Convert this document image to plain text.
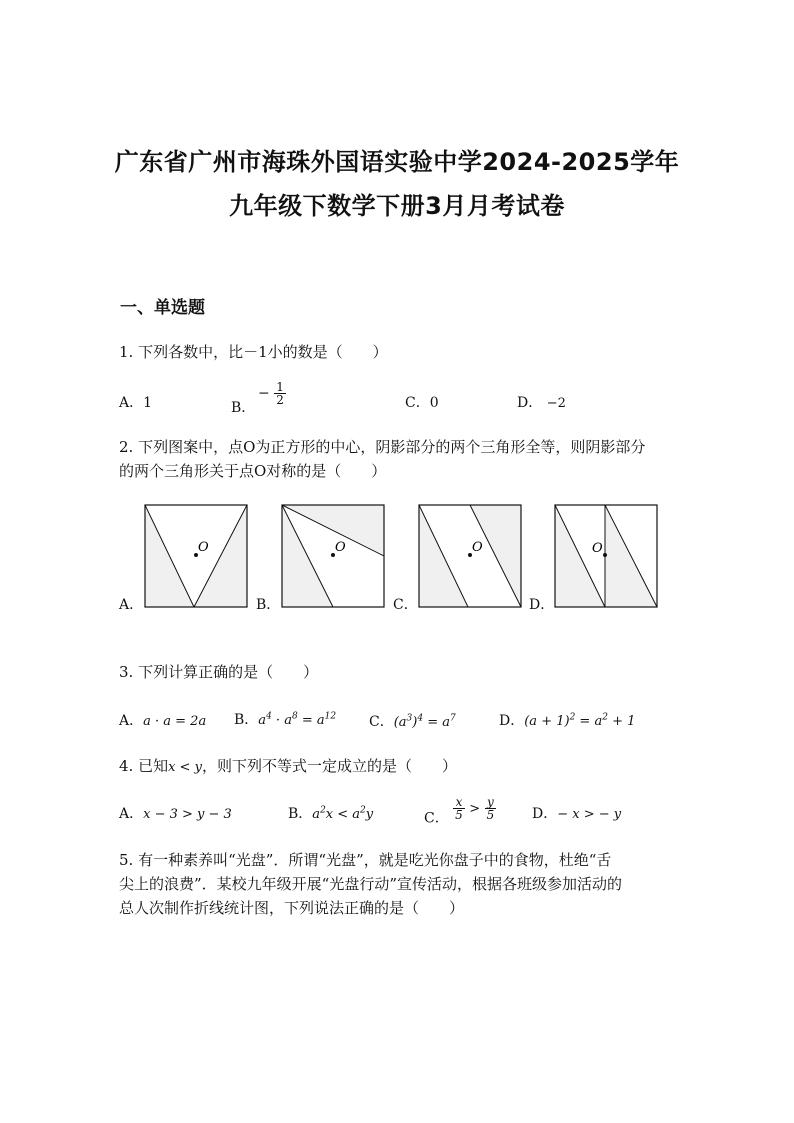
广东省广州市海珠外国语实验中学2024-2025学年
九年级下数学下册3月月考试卷
一、单选题
1. 下列各数中，比－1小的数是（　　）
A．1	B．
− $\frac{1}{2}$	C．0	D． −2
2. 下列图案中，点O为正方形的中心，阴影部分的两个三角形全等，则阴影部分
的两个三角形关于点O对称的是（　　）
O
A．
O
B．
O
C．
O
D．
3. 下列计算正确的是（　　）
A．a · a = 2a B．$a^4 \cdot a^8 = a^{12}$ C．$(a^3)^4 = a^7$	D．$(a + 1)^2 = a^2 + 1$
4. 已知x < y，则下列不等式一定成立的是（　　）
A．x − 3 > y − 3	B．$a^2x < a^2y$	C． $\frac{x}{5} > \frac{y}{5}$	D．− x > − y
5. 有一种素养叫“光盘”．所谓“光盘”，就是吃光你盘子中的食物，杜绝“舌
尖上的浪费”．某校九年级开展“光盘行动”宣传活动，根据各班级参加活动的
总人次制作折线统计图，下列说法正确的是（　　）
